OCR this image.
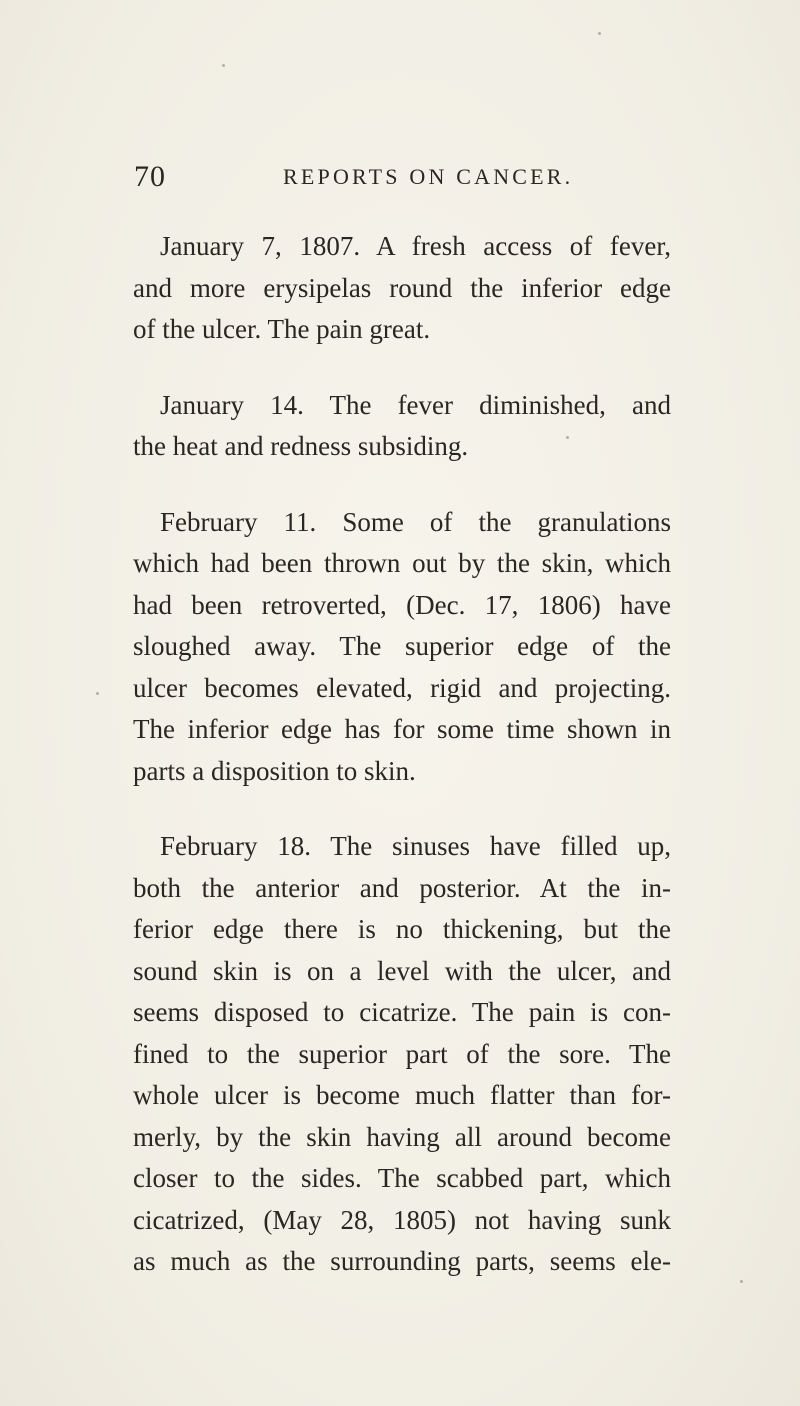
70	REPORTS ON CANCER.
January 7, 1807. A fresh access of fever,
and more erysipelas round the inferior edge
of the ulcer. The pain great.
January 14. The fever diminished, and
the heat and redness subsiding.
February 11. Some of the granulations
which had been thrown out by the skin, which
had been retroverted, (Dec. 17, 1806) have
sloughed away. The superior edge of the
ulcer becomes elevated, rigid and projecting.
The inferior edge has for some time shown in
parts a disposition to skin.
February 18. The sinuses have filled up,
both the anterior and posterior. At the in-
ferior edge there is no thickening, but the
sound skin is on a level with the ulcer, and
seems disposed to cicatrize. The pain is con-
fined to the superior part of the sore. The
whole ulcer is become much flatter than for-
merly, by the skin having all around become
closer to the sides. The scabbed part, which
cicatrized, (May 28, 1805) not having sunk
as much as the surrounding parts, seems ele-
